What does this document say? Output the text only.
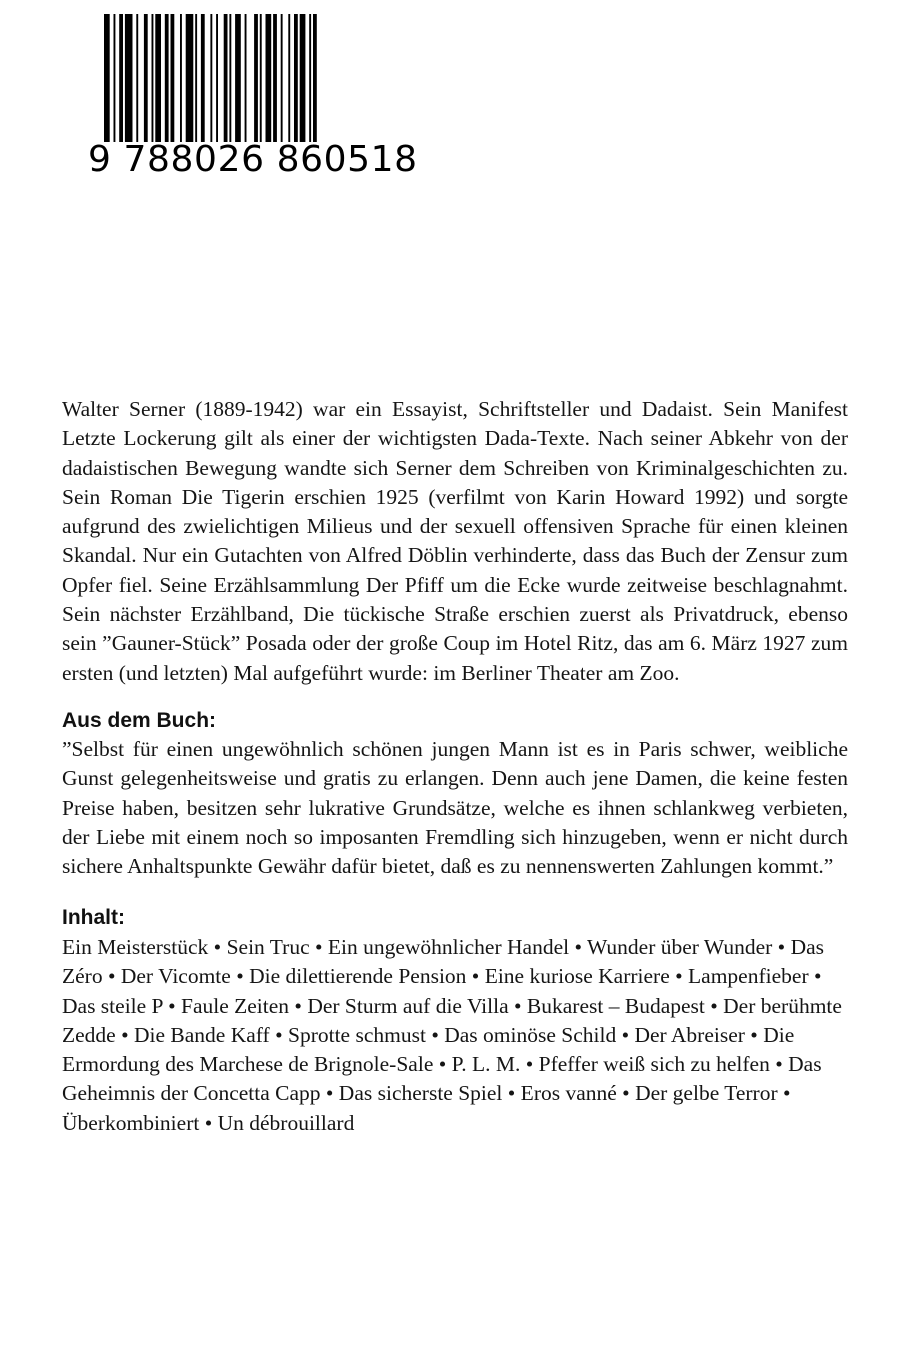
9 788026 860518
Walter Serner (1889-1942) war ein Essayist, Schriftsteller und Dadaist. Sein Manifest Letzte Lockerung gilt als einer der wichtigsten Dada-Texte. Nach seiner Abkehr von der dadaistischen Bewegung wandte sich Serner dem Schreiben von Kriminalgeschichten zu. Sein Roman Die Tigerin erschien 1925 (verfilmt von Karin Howard 1992) und sorgte aufgrund des zwielichtigen Milieus und der sexuell offensiven Sprache für einen kleinen Skandal. Nur ein Gutachten von Alfred Döblin verhinderte, dass das Buch der Zensur zum Opfer fiel. Seine Erzählsammlung Der Pfiff um die Ecke wurde zeitweise beschlagnahmt. Sein nächster Erzählband, Die tückische Straße erschien zuerst als Privatdruck, ebenso sein ”Gauner-Stück” Posada oder der große Coup im Hotel Ritz, das am 6. März 1927 zum ersten (und letzten) Mal aufgeführt wurde: im Berliner Theater am Zoo.
Aus dem Buch:
”Selbst für einen ungewöhnlich schönen jungen Mann ist es in Paris schwer, weibliche Gunst gelegenheitsweise und gratis zu erlangen. Denn auch jene Damen, die keine festen Preise haben, besitzen sehr lukrative Grundsätze, welche es ihnen schlankweg verbieten, der Liebe mit einem noch so imposanten Fremdling sich hinzugeben, wenn er nicht durch sichere Anhaltspunkte Gewähr dafür bietet, daß es zu nennenswerten Zahlungen kommt.”
Inhalt:
Ein Meisterstück • Sein Truc • Ein ungewöhnlicher Handel • Wunder über Wunder • Das Zéro • Der Vicomte • Die dilettierende Pension • Eine kuriose Karriere • Lampenfieber • Das steile P • Faule Zeiten • Der Sturm auf die Villa • Bukarest – Budapest • Der berühmte Zedde • Die Bande Kaff • Sprotte schmust • Das ominöse Schild • Der Abreiser • Die Ermordung des Marchese de Brignole-Sale • P. L. M. • Pfeffer weiß sich zu helfen • Das Geheimnis der Concetta Capp • Das sicherste Spiel • Eros vanné • Der gelbe Terror • Überkombiniert • Un débrouillard
